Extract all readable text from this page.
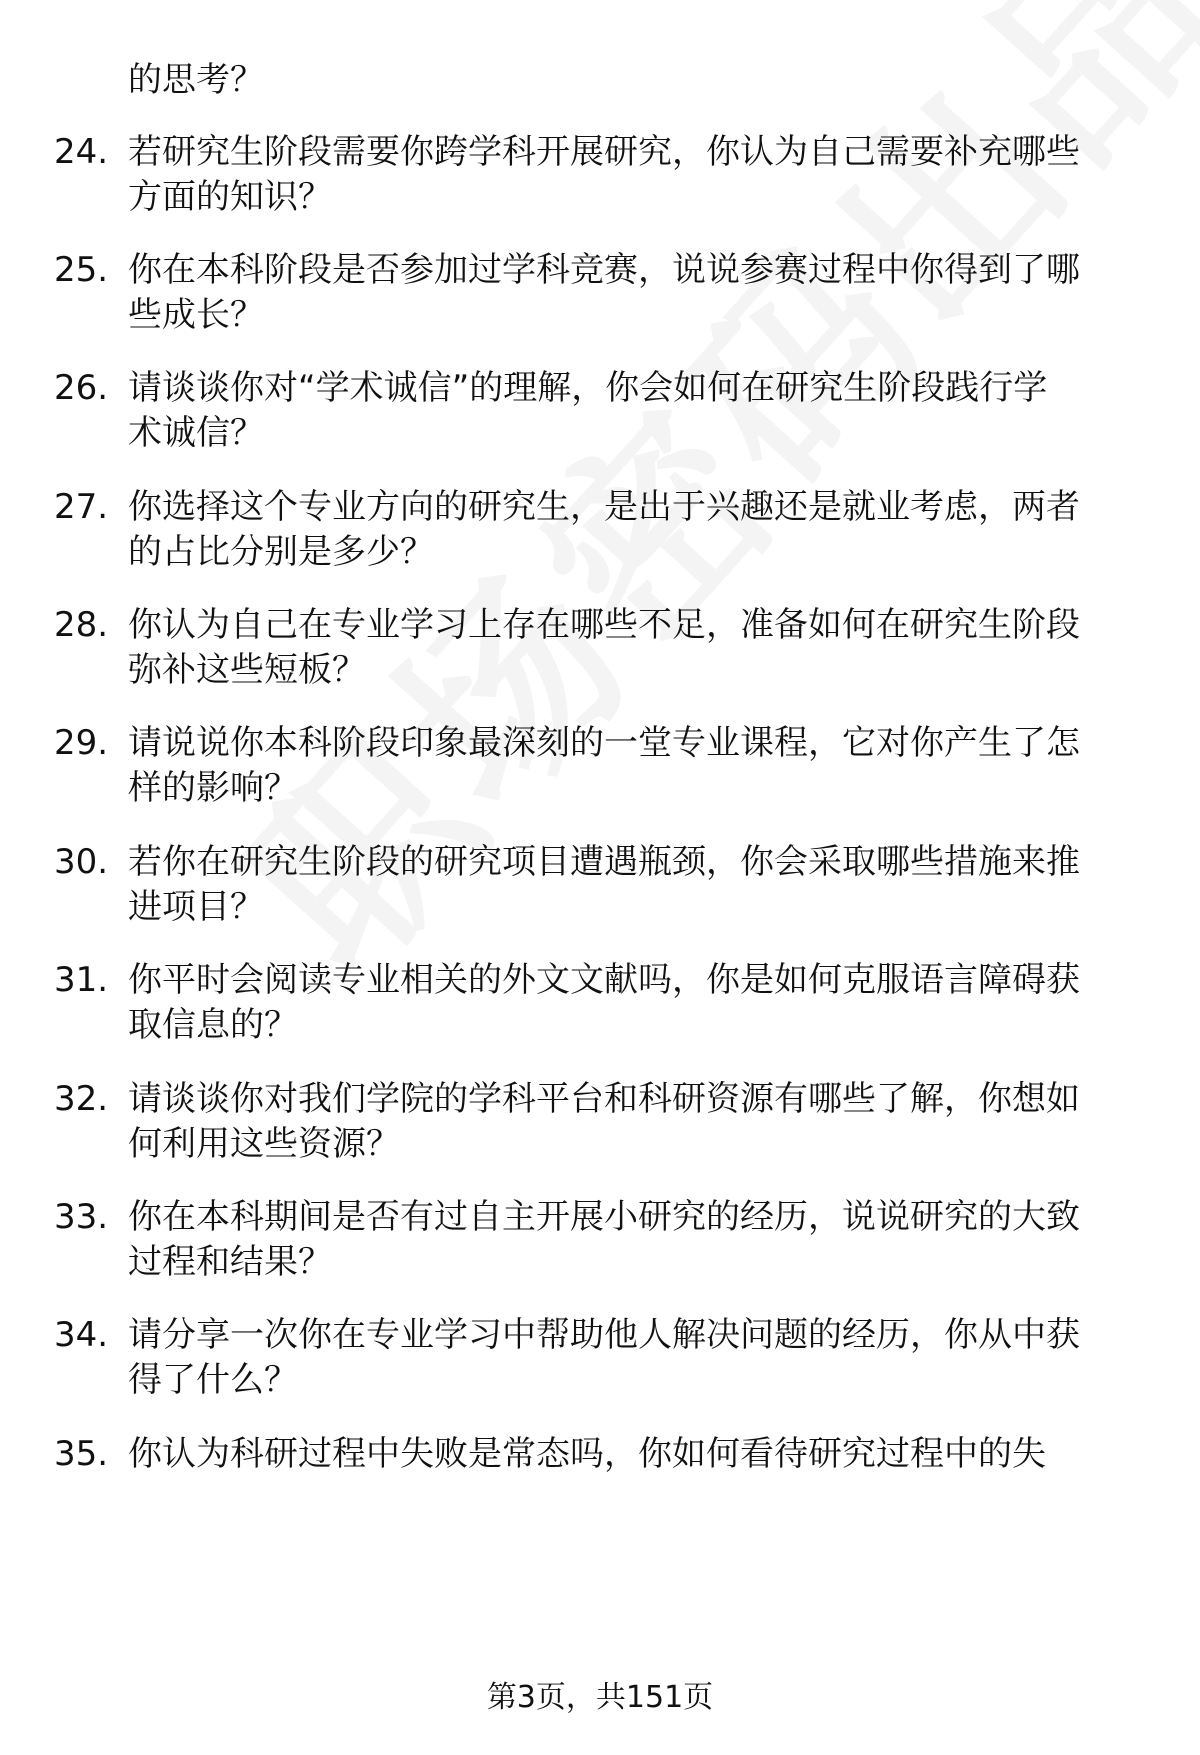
的思考？
24. 若研究生阶段需要你跨学科开展研究，你认为自己需要补充哪些
方面的知识？
25. 你在本科阶段是否参加过学科竞赛，说说参赛过程中你得到了哪
些成长？
26. 请谈谈你对“学术诚信”的理解，你会如何在研究生阶段践行学
术诚信？
27. 你选择这个专业方向的研究生，是出于兴趣还是就业考虑，两者
的占比分别是多少？
28. 你认为自己在专业学习上存在哪些不足，准备如何在研究生阶段
弥补这些短板？
29. 请说说你本科阶段印象最深刻的一堂专业课程，它对你产生了怎
样的影响？
30. 若你在研究生阶段的研究项目遭遇瓶颈，你会采取哪些措施来推
进项目？
31. 你平时会阅读专业相关的外文文献吗，你是如何克服语言障碍获
取信息的？
32. 请谈谈你对我们学院的学科平台和科研资源有哪些了解，你想如
何利用这些资源？
33. 你在本科期间是否有过自主开展小研究的经历，说说研究的大致
过程和结果？
34. 请分享一次你在专业学习中帮助他人解决问题的经历，你从中获
得了什么？
35. 你认为科研过程中失败是常态吗，你如何看待研究过程中的失
第3页，共151页
